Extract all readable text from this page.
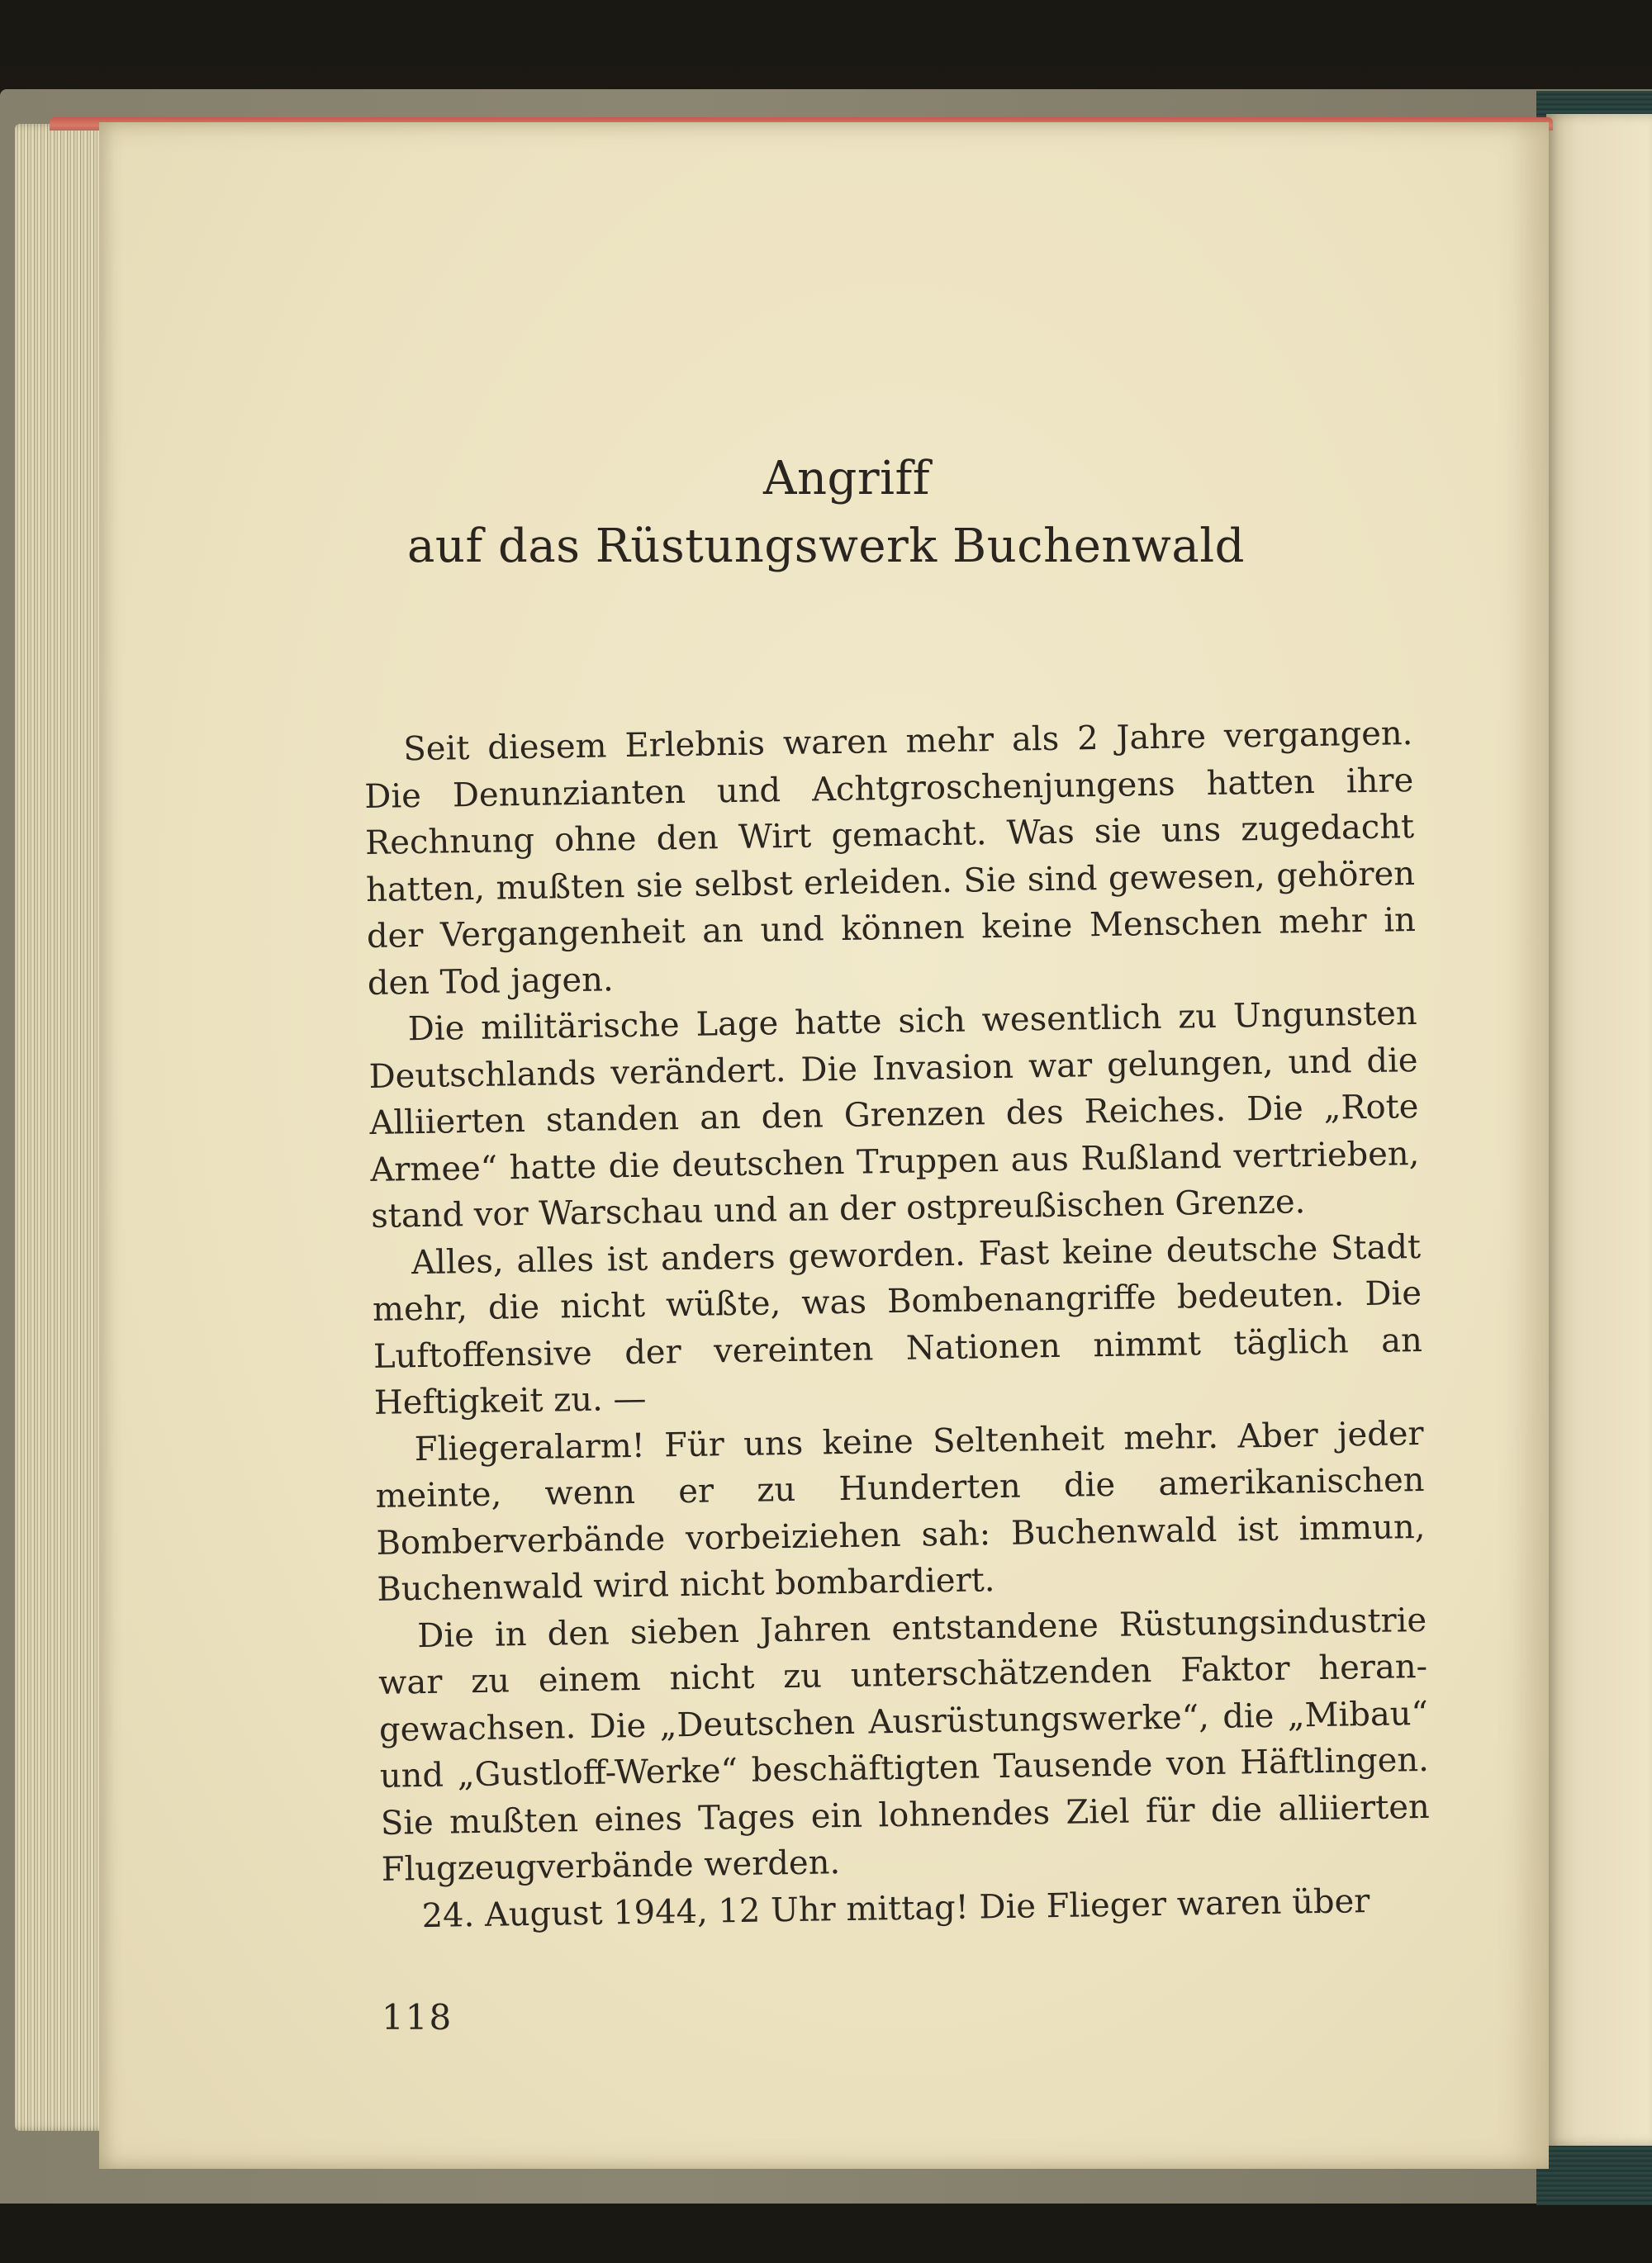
Angriff
auf das Rüstungswerk Buchenwald

Seit diesem Erlebnis waren mehr als 2 Jahre vergangen. Die Denunzianten und Achtgroschenjungens hatten ihre Rechnung ohne den Wirt gemacht. Was sie uns zugedacht hatten, mußten sie selbst erleiden. Sie sind gewesen, gehören der Vergangenheit an und können keine Menschen mehr in den Tod jagen.

Die militärische Lage hatte sich wesentlich zu Ungunsten Deutschlands verändert. Die Invasion war gelungen, und die Alliierten standen an den Grenzen des Reiches. Die „Rote Armee“ hatte die deutschen Truppen aus Rußland vertrieben, stand vor Warschau und an der ostpreußischen Grenze.

Alles, alles ist anders geworden. Fast keine deutsche Stadt mehr, die nicht wüßte, was Bombenangriffe bedeuten. Die Luftoffensive der vereinten Nationen nimmt täglich an Heftigkeit zu. —

Fliegeralarm! Für uns keine Seltenheit mehr. Aber jeder meinte, wenn er zu Hunderten die amerikanischen Bomberverbände vorbeiziehen sah: Buchenwald ist immun, Buchenwald wird nicht bombardiert.

Die in den sieben Jahren entstandene Rüstungsindustrie war zu einem nicht zu unterschätzenden Faktor herangewachsen. Die „Deutschen Ausrüstungswerke“, die „Mibau“ und „Gustloff-Werke“ beschäftigten Tausende von Häftlingen. Sie mußten eines Tages ein lohnendes Ziel für die alliierten Flugzeugverbände werden.

24. August 1944, 12 Uhr mittag! Die Flieger waren über

118
